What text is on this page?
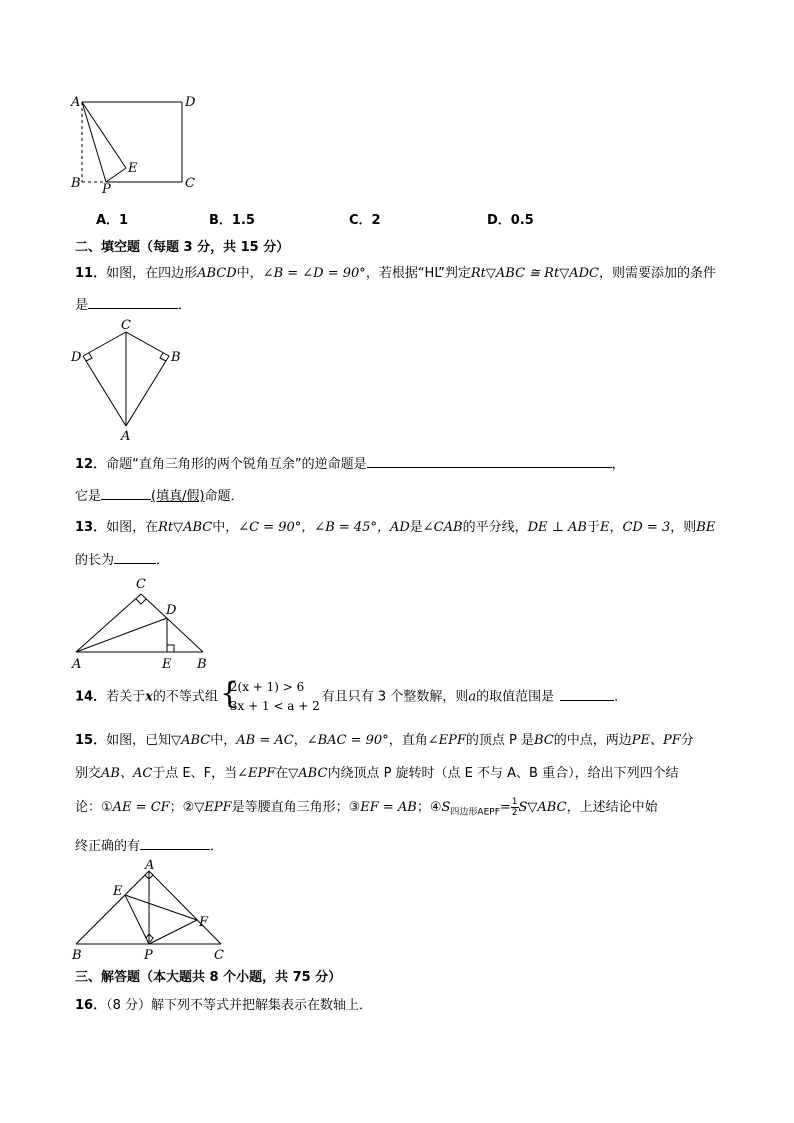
A	D
B	C
E
P
A．1	B．1.5	C．2	D．0.5
二、填空题（每题 3 分，共 15 分）
11．如图，在四边形ABCD中，∠B = ∠D = 90°，若根据“HL”判定Rt▽ABC ≅ Rt▽ADC，则需要添加的条件
是	．
C
D	B
A
12．命题“直角三角形的两个锐角互余”的逆命题是	，
它是	(填真/假)命题．
13．如图，在Rt▽ABC中，∠C = 90°，∠B = 45°，AD是∠CAB的平分线，DE ⊥ AB于E，CD = 3，则BE
的长为	．
C
D
A	E B
14．若关于x的不等式组 {
2(x + 1) > 6
3x + 1 < a + 2
有且只有 3 个整数解，则a的取值范围是	．
15．如图，已知▽ABC中，AB = AC，∠BAC = 90°，直角∠EPF的顶点 P 是BC的中点，两边PE、PF分
别交AB、AC于点 E、F，当∠EPF在▽ABC内绕顶点 P 旋转时（点 E 不与 A、B 重合），给出下列四个结
论：①AE = CF；②▽EPF是等腰直角三角形；③EF = AB；$④S_{四边形AEPF}= \frac{1}{2}$ S▽ABC，上述结论中始
终正确的有	．
A
E
F
B	P	C
三、解答题（本大题共 8 个小题，共 75 分）
16．（8 分）解下列不等式并把解集表示在数轴上．
